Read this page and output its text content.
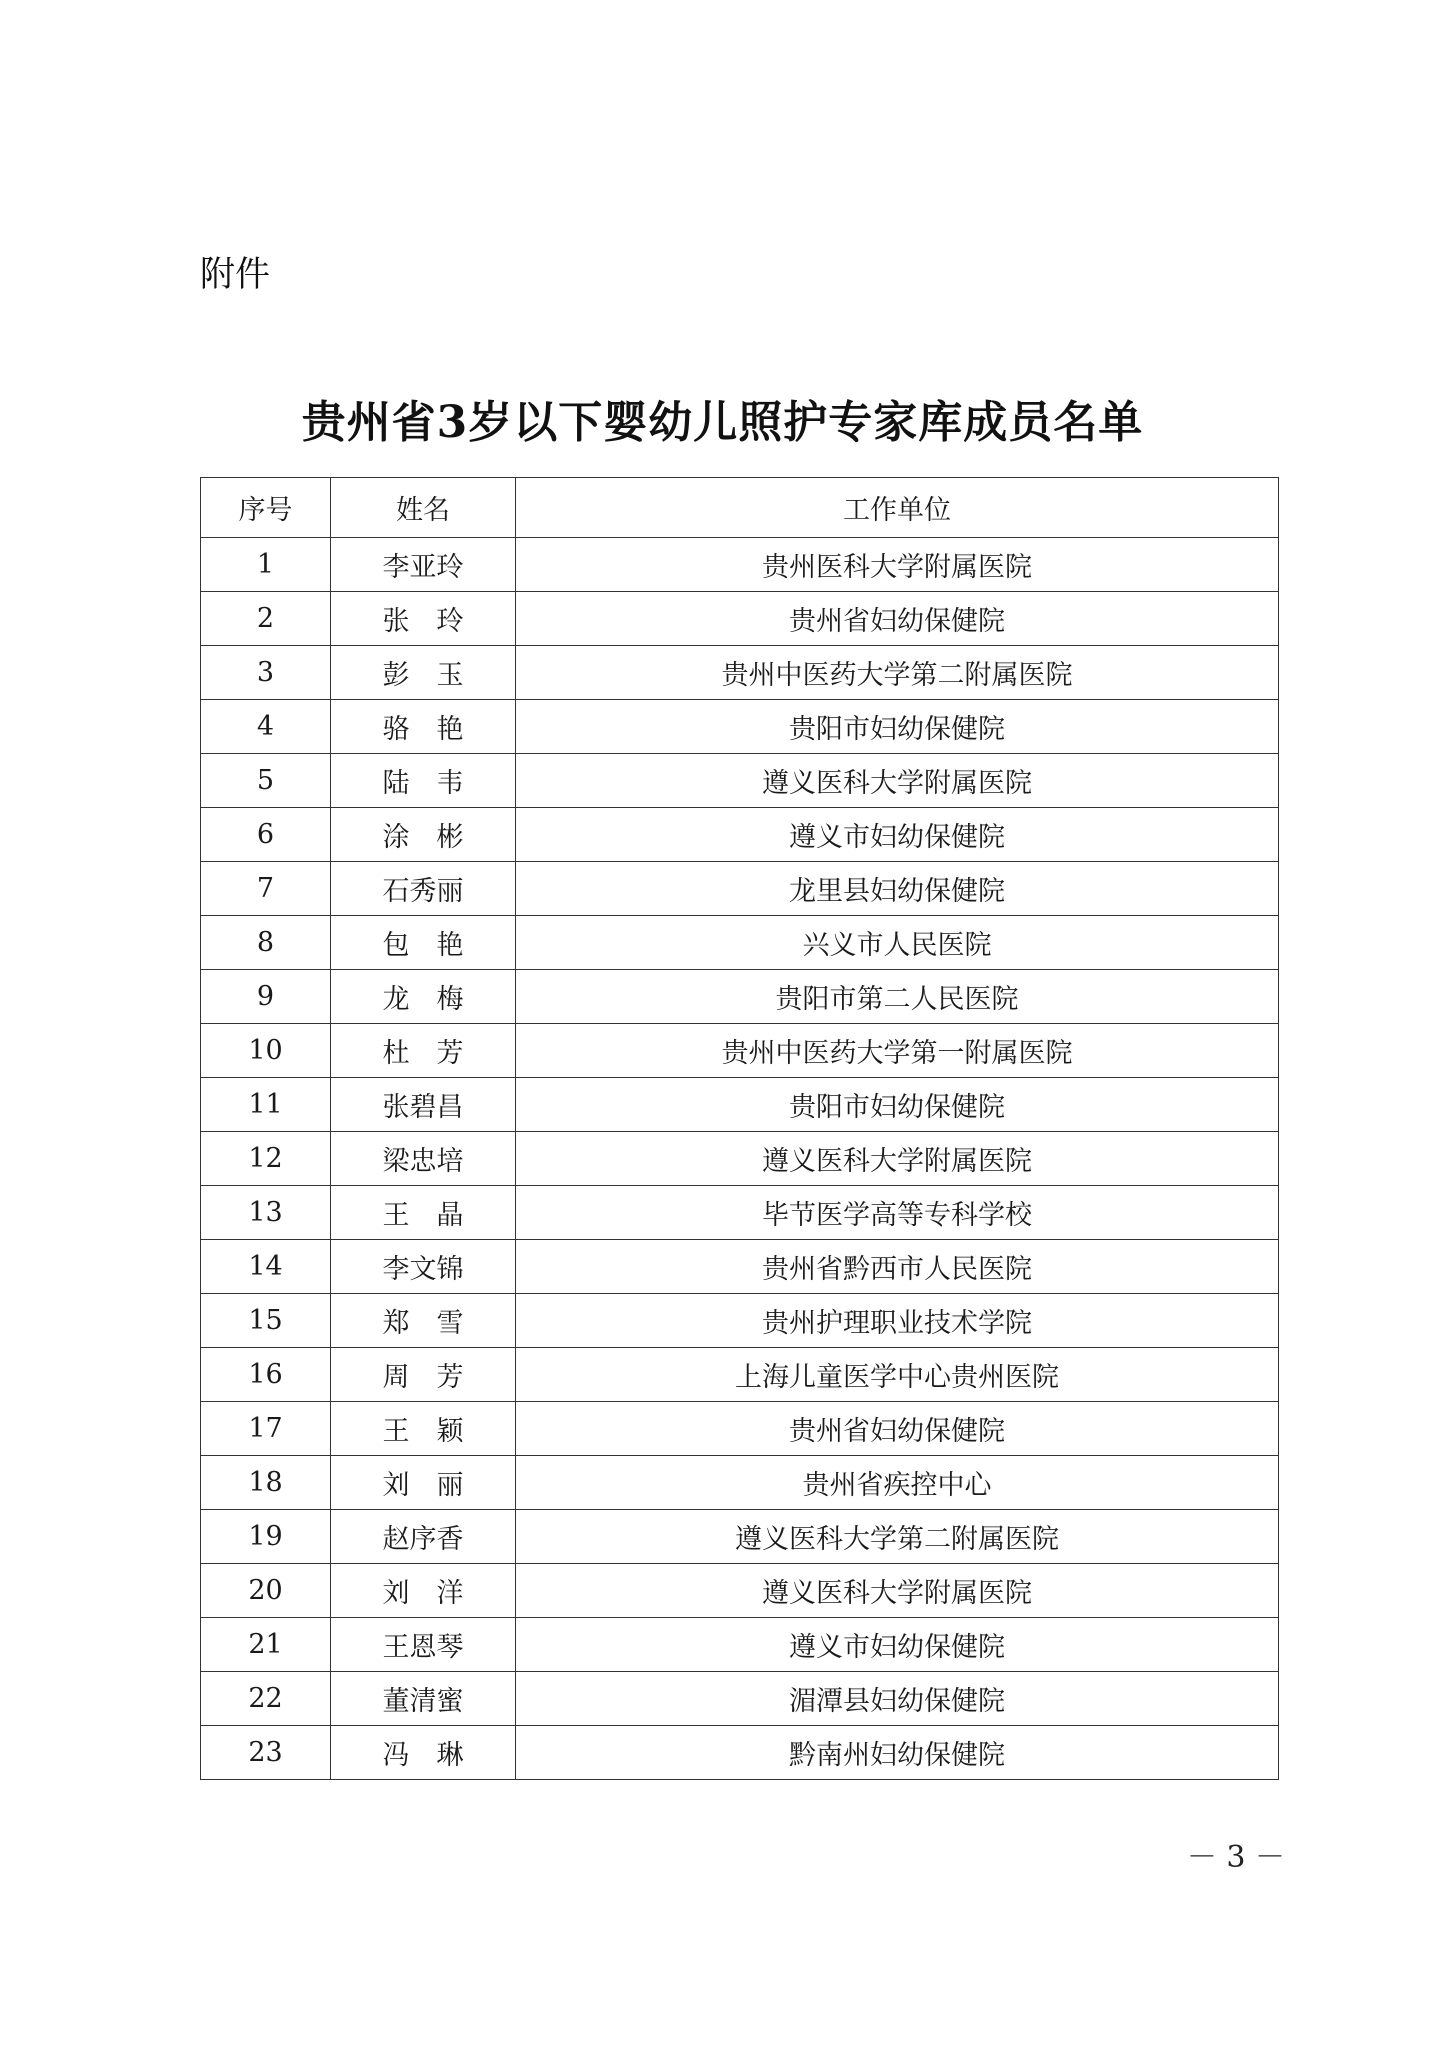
附件
贵州省3岁以下婴幼儿照护专家库成员名单
序号	姓名	工作单位
1	李亚玲	贵州医科大学附属医院
2	张　玲	贵州省妇幼保健院
3	彭　玉	贵州中医药大学第二附属医院
4	骆　艳	贵阳市妇幼保健院
5	陆　韦	遵义医科大学附属医院
6	涂　彬	遵义市妇幼保健院
7	石秀丽	龙里县妇幼保健院
8	包　艳	兴义市人民医院
9	龙　梅	贵阳市第二人民医院
10	杜　芳	贵州中医药大学第一附属医院
11	张碧昌	贵阳市妇幼保健院
12	梁忠培	遵义医科大学附属医院
13	王　晶	毕节医学高等专科学校
14	李文锦	贵州省黔西市人民医院
15	郑　雪	贵州护理职业技术学院
16	周　芳	上海儿童医学中心贵州医院
17	王　颖	贵州省妇幼保健院
18	刘　丽	贵州省疾控中心
19	赵序香	遵义医科大学第二附属医院
20	刘　洋	遵义医科大学附属医院
21	王恩琴	遵义市妇幼保健院
22	董清蜜	湄潭县妇幼保健院
23	冯　琳	黔南州妇幼保健院
－ 3 －
